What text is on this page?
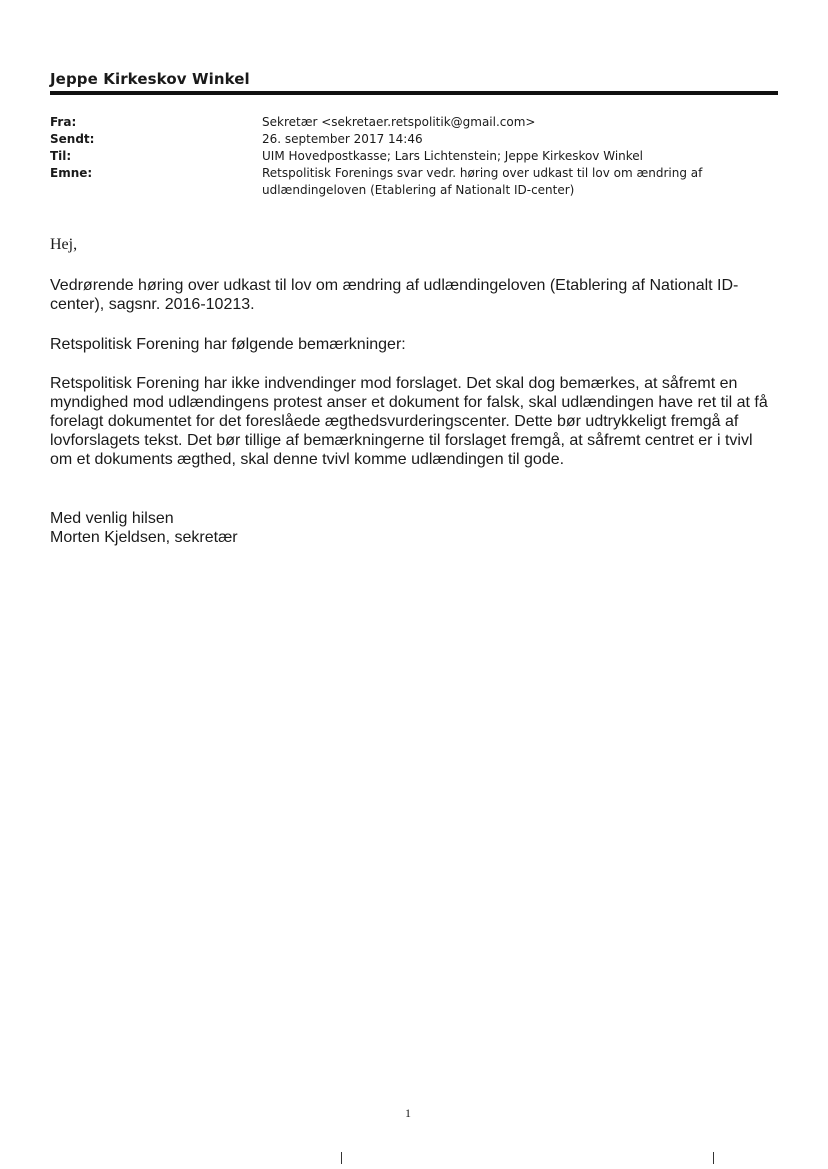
Jeppe Kirkeskov Winkel
Fra:	Sekretær <sekretaer.retspolitik@gmail.com>
Sendt:	26. september 2017 14:46
Til:	UIM Hovedpostkasse; Lars Lichtenstein; Jeppe Kirkeskov Winkel
Emne:	Retspolitisk Forenings svar vedr. høring over udkast til lov om ændring af udlændingeloven (Etablering af Nationalt ID-center)
Hej,

Vedrørende høring over udkast til lov om ændring af udlændingeloven (Etablering af Nationalt ID-center), sagsnr. 2016-10213.

Retspolitisk Forening har følgende bemærkninger:

Retspolitisk Forening har ikke indvendinger mod forslaget. Det skal dog bemærkes, at såfremt en myndighed mod udlændingens protest anser et dokument for falsk, skal udlændingen have ret til at få forelagt dokumentet for det foreslåede ægthedsvurderingscenter. Dette bør udtrykkeligt fremgå af lovforslagets tekst. Det bør tillige af bemærkningerne til forslaget fremgå, at såfremt centret er i tvivl om et dokuments ægthed, skal denne tvivl komme udlændingen til gode.

Med venlig hilsen
Morten Kjeldsen, sekretær
1
